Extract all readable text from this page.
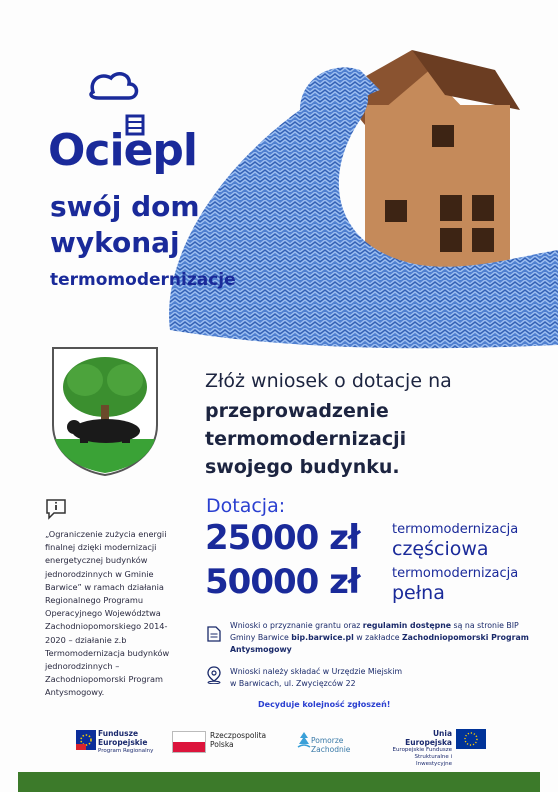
Ociepl
swój dom
wykonaj
termomodernizacje
Złóż wniosek o dotacje na
przeprowadzenie
termomodernizacji
swojego budynku.
Dotacja:
25000 zł termomodernizacja
częściowa
50000 zł termomodernizacja
pełna
„Ograniczenie zużycia energii
finalnej dzięki modernizacji
energetycznej budynków
jednorodzinnych w Gminie
Barwice” w ramach działania
Regionalnego Programu
Operacyjnego Województwa
Zachodniopomorskiego 2014-
2020 – działanie z.b
Termomodernizacja budynków
jednorodzinnych –
Zachodniopomorski Program
Antysmogowy.
Wnioski o przyznanie grantu oraz regulamin dostępne są na stronie BIP
Gminy Barwice bip.barwice.pl w zakładce Zachodniopomorski Program
Antysmogowy
Wnioski należy składać w Urzędzie Miejskim
w Barwicach, ul. Zwycięzców 22
Decyduje kolejność zgłoszeń!
Fundusze
Europejskie
Program Regionalny
Rzeczpospolita
Polska	Pomorze
Zachodnie
Unia Europejska
Europejskie Fundusze
Strukturalne i Inwestycyjne
